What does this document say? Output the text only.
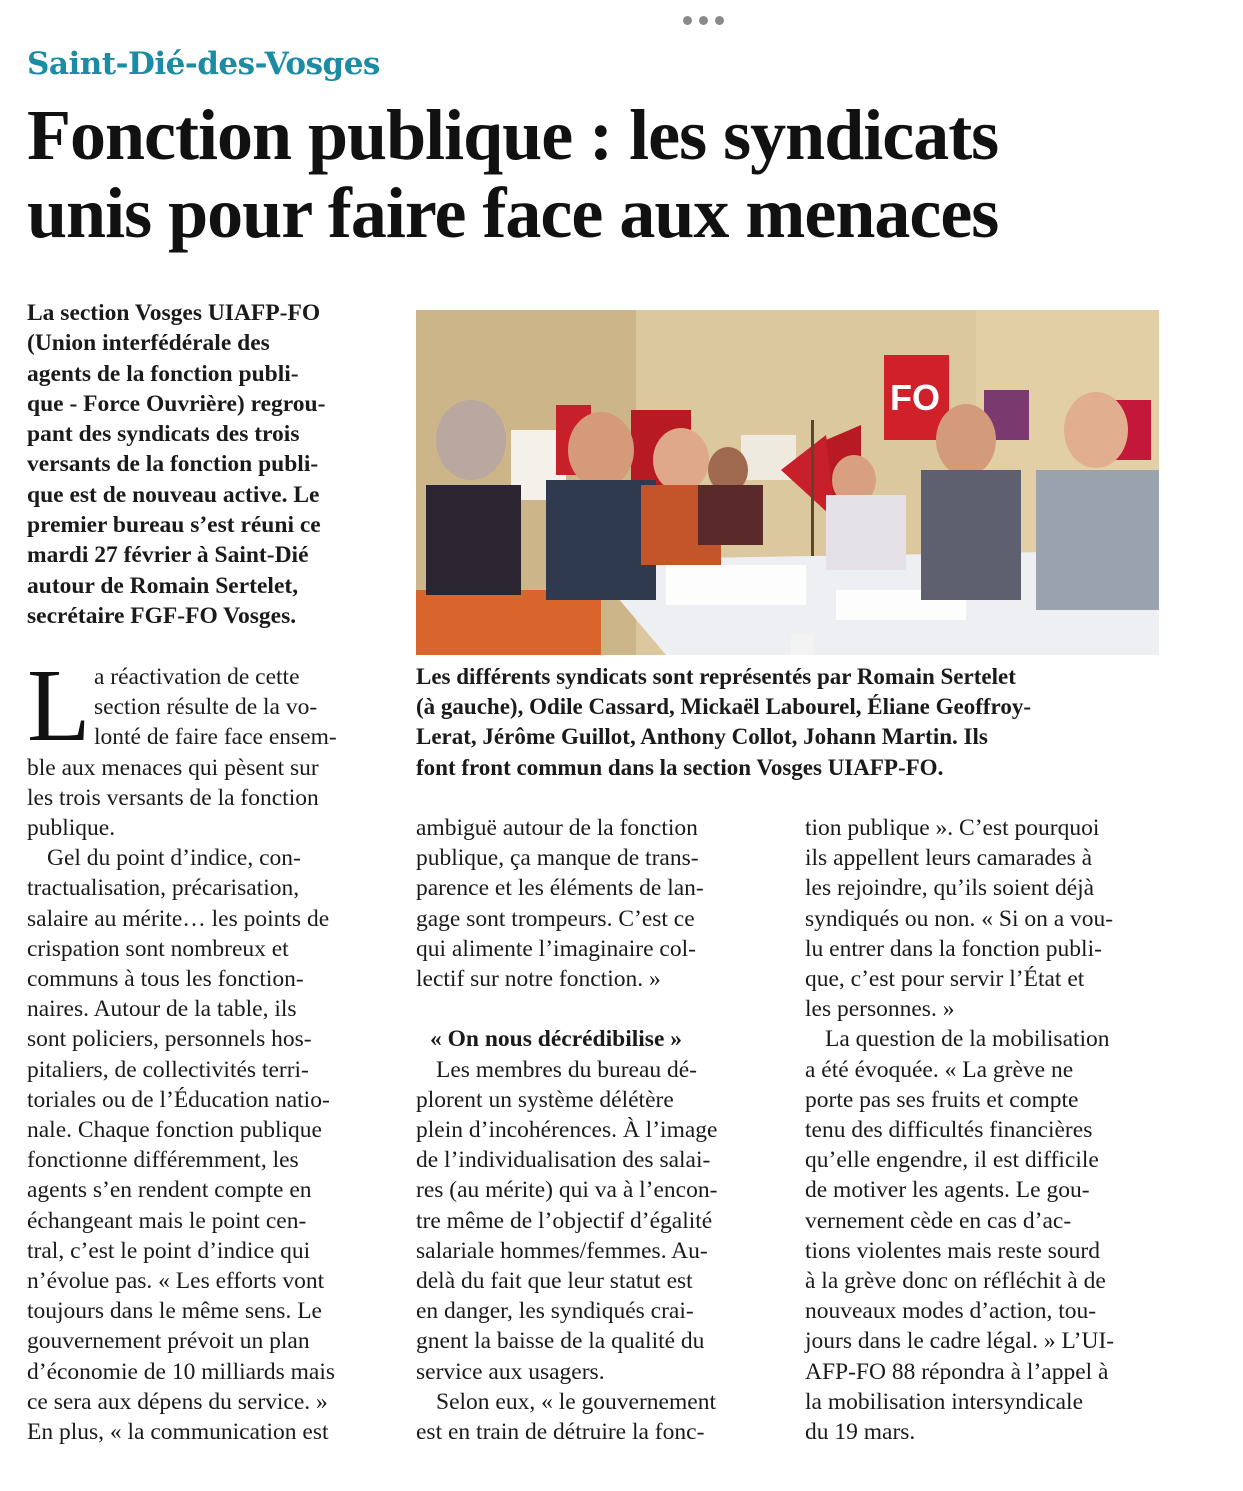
Saint-Dié-des-Vosges
Fonction publique : les syndicats
unis pour faire face aux menaces
La section Vosges UIAFP-FO
(Union interfédérale des
agents de la fonction publi-
que - Force Ouvrière) regrou-
pant des syndicats des trois
versants de la fonction publi-
que est de nouveau active. Le
premier bureau s’est réuni ce
mardi 27 février à Saint-Dié
autour de Romain Sertelet,
secrétaire FGF-FO Vosges.
FO
Les différents syndicats sont représentés par Romain Sertelet
(à gauche), Odile Cassard, Mickaël Labourel, Éliane Geoffroy-
Lerat, Jérôme Guillot, Anthony Collot, Johann Martin. Ils
font front commun dans la section Vosges UIAFP-FO.
L a réactivation de cette
section résulte de la vo-
lonté de faire face ensem-
ble aux menaces qui pèsent sur
les trois versants de la fonction
publique.
Gel du point d’indice, con-
tractualisation, précarisation,
salaire au mérite… les points de
crispation sont nombreux et
communs à tous les fonction-
naires. Autour de la table, ils
sont policiers, personnels hos-
pitaliers, de collectivités terri-
toriales ou de l’Éducation natio-
nale. Chaque fonction publique
fonctionne différemment, les
agents s’en rendent compte en
échangeant mais le point cen-
tral, c’est le point d’indice qui
n’évolue pas. « Les efforts vont
toujours dans le même sens. Le
gouvernement prévoit un plan
d’économie de 10 milliards mais
ce sera aux dépens du service. »
En plus, « la communication est
ambiguë autour de la fonction
publique, ça manque de trans-
parence et les éléments de lan-
gage sont trompeurs. C’est ce
qui alimente l’imaginaire col-
lectif sur notre fonction. »
« On nous décrédibilise »
Les membres du bureau dé-
plorent un système délétère
plein d’incohérences. À l’image
de l’individualisation des salai-
res (au mérite) qui va à l’encon-
tre même de l’objectif d’égalité
salariale hommes/femmes. Au-
delà du fait que leur statut est
en danger, les syndiqués crai-
gnent la baisse de la qualité du
service aux usagers.
Selon eux, « le gouvernement
est en train de détruire la fonc-
tion publique ». C’est pourquoi
ils appellent leurs camarades à
les rejoindre, qu’ils soient déjà
syndiqués ou non. « Si on a vou-
lu entrer dans la fonction publi-
que, c’est pour servir l’État et
les personnes. »
La question de la mobilisation
a été évoquée. « La grève ne
porte pas ses fruits et compte
tenu des difficultés financières
qu’elle engendre, il est difficile
de motiver les agents. Le gou-
vernement cède en cas d’ac-
tions violentes mais reste sourd
à la grève donc on réfléchit à de
nouveaux modes d’action, tou-
jours dans le cadre légal. » L’UI-
AFP-FO 88 répondra à l’appel à
la mobilisation intersyndicale
du 19 mars.
